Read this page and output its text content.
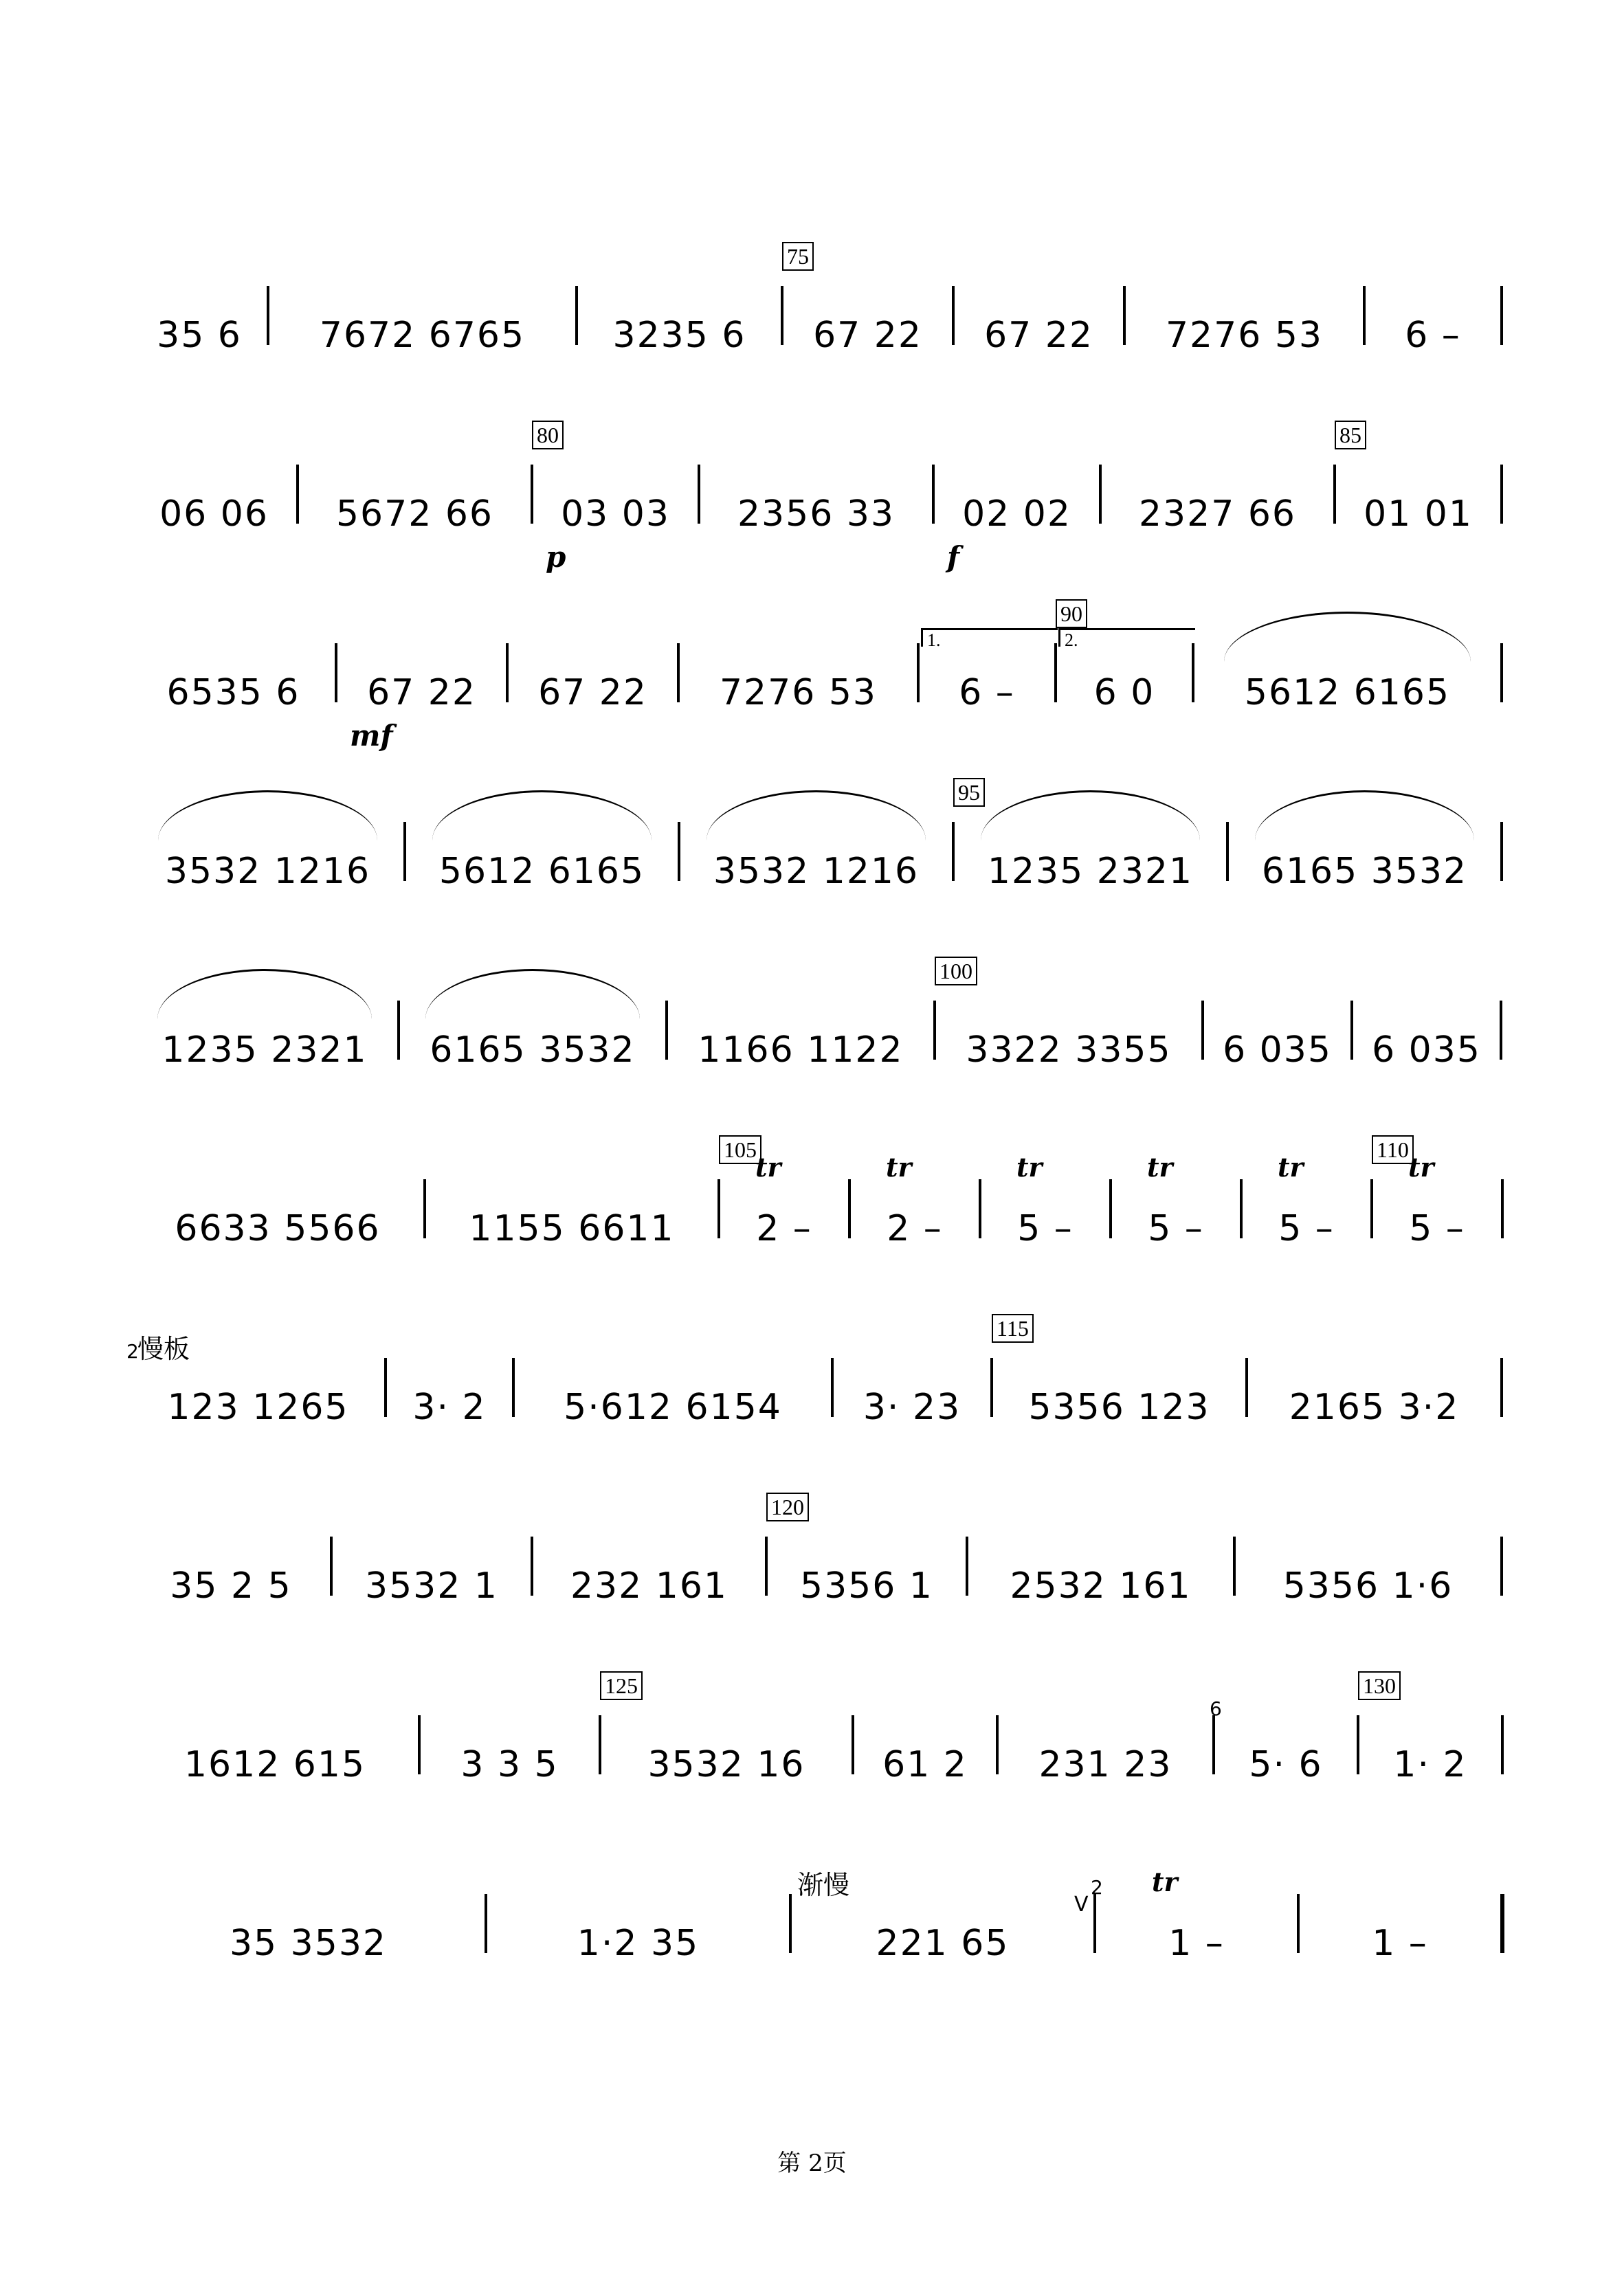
35 6	7672 6765	3235 6	67 22
75
67 22	7276 53	6 –
06 06	5672 66	03 03
80
p
2356 33	02 02
f
2327 66	01 01
85
6535 6	67 22
mf
67 22	7276 53	6 –
1.
6 0
90
2.
5612 6165
3532 1216	5612 6165	3532 1216	1235 2321
95
6165 3532
1235 2321	6165 3532	1166 1122	3322 3355
100
6 035	6 035
6633 5566	1155 6611	2 –
105
tr
2 –
tr
5 –
tr
5 –
tr
5 –
tr
5 –
110
tr
123 1265
慢板
2
3· 2	5·612 6154	3· 23	5356 123
115
2165 3·2
35 2 5	3532 1	232 161	5356 1
120
2532 161	5356 1·6
1612 615	3 3 5	3532 16
125
61 2	231 23	5· 6
6
1· 2
130
35 3532	1·2 35	221 65
渐慢
V
1 –
2 tr
1 –
第 2页
